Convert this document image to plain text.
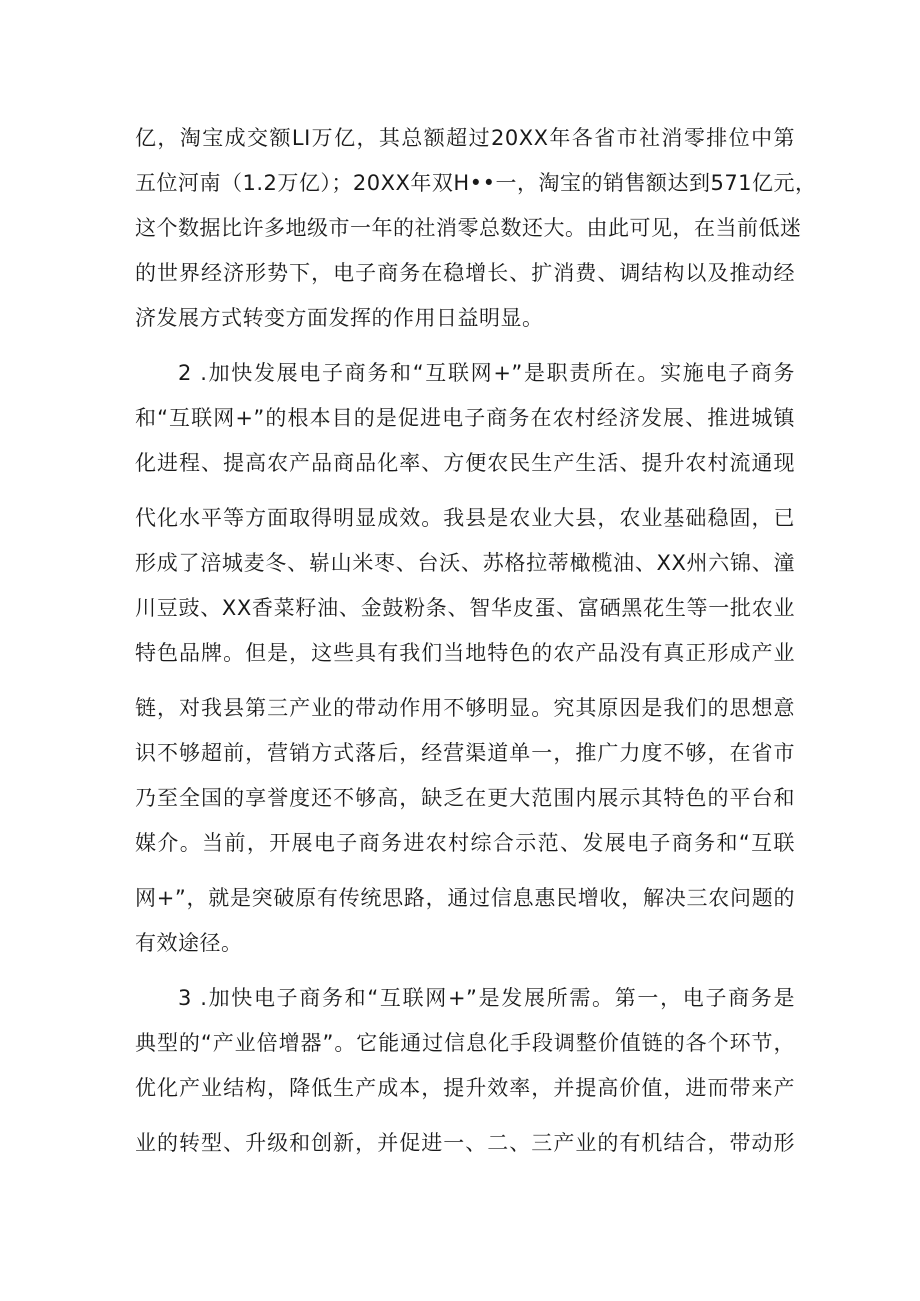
亿，淘宝成交额LI万亿，其总额超过20XX年各省市社消零排位中第
五位河南（1.2万亿）；20XX年双H••一，淘宝的销售额达到571亿元，
这个数据比许多地级市一年的社消零总数还大。由此可见，在当前低迷
的世界经济形势下，电子商务在稳增长、扩消费、调结构以及推动经
济发展方式转变方面发挥的作用日益明显。
2 .加快发展电子商务和“互联网+”是职责所在。实施电子商务
和“互联网+”的根本目的是促进电子商务在农村经济发展、推进城镇
化进程、提高农产品商品化率、方便农民生产生活、提升农村流通现
代化水平等方面取得明显成效。我县是农业大县，农业基础稳固，已
形成了涪城麦冬、崭山米枣、台沃、苏格拉蒂橄榄油、XX州六锦、潼
川豆豉、XX香菜籽油、金鼓粉条、智华皮蛋、富硒黑花生等一批农业
特色品牌。但是，这些具有我们当地特色的农产品没有真正形成产业
链，对我县第三产业的带动作用不够明显。究其原因是我们的思想意
识不够超前，营销方式落后，经营渠道单一，推广力度不够，在省市
乃至全国的享誉度还不够高，缺乏在更大范围内展示其特色的平台和
媒介。当前，开展电子商务进农村综合示范、发展电子商务和“互联
网+”，就是突破原有传统思路，通过信息惠民增收，解决三农问题的
有效途径。
3 .加快电子商务和“互联网+”是发展所需。第一，电子商务是
典型的“产业倍增器”。它能通过信息化手段调整价值链的各个环节，
优化产业结构，降低生产成本，提升效率，并提高价值，进而带来产
业的转型、升级和创新，并促进一、二、三产业的有机结合，带动形
